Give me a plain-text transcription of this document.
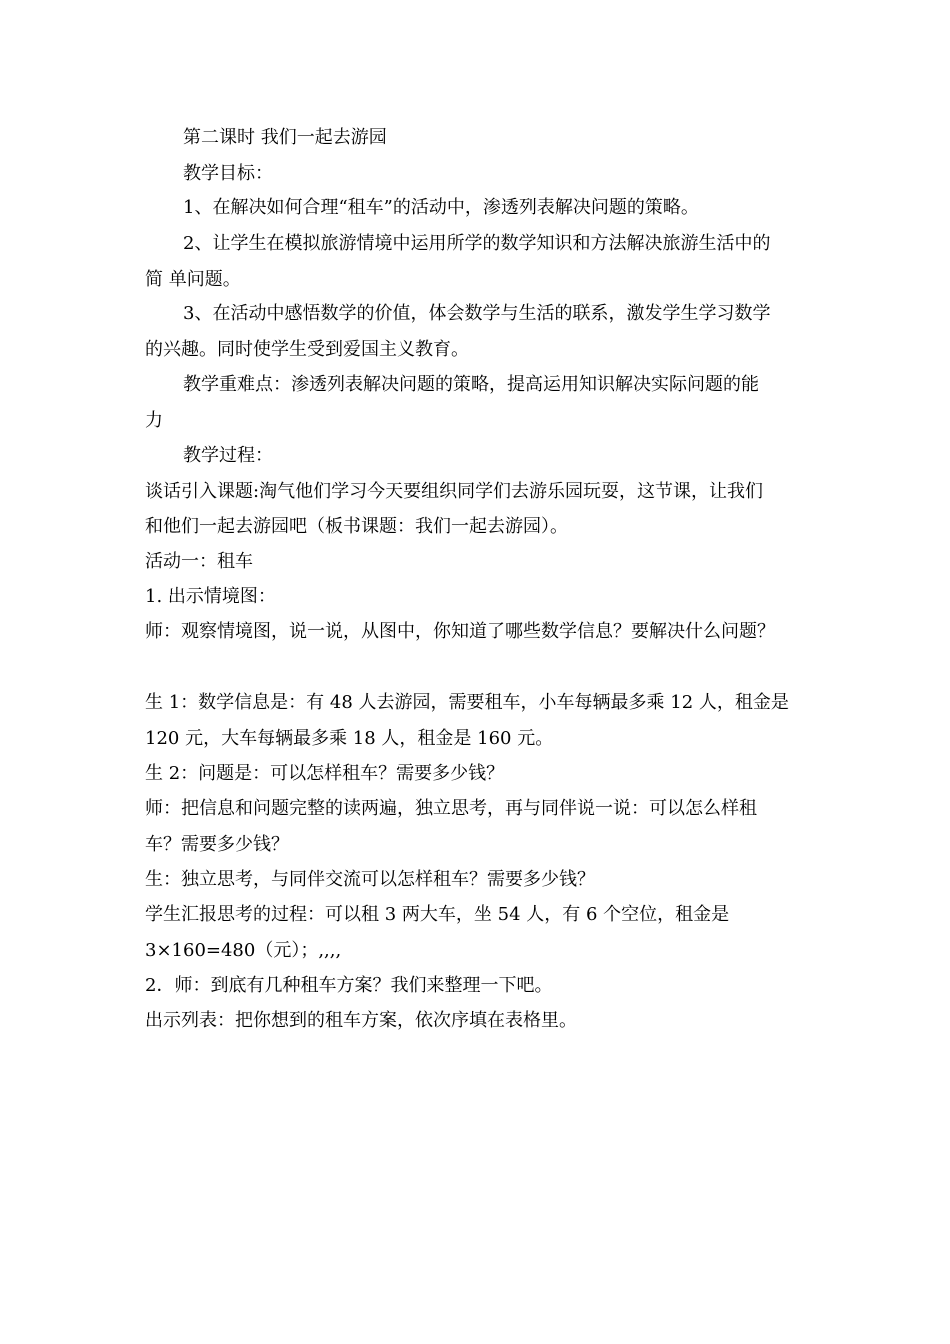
第二课时 我们一起去游园
教学目标：
1、在解决如何合理“租车”的活动中，渗透列表解决问题的策略。
2、让学生在模拟旅游情境中运用所学的数学知识和方法解决旅游生活中的
简 单问题。
3、在活动中感悟数学的价值，体会数学与生活的联系，激发学生学习数学
的兴趣。同时使学生受到爱国主义教育。
教学重难点：渗透列表解决问题的策略，提高运用知识解决实际问题的能
力
教学过程：
谈话引入课题:淘气他们学习今天要组织同学们去游乐园玩耍，这节课，让我们
和他们一起去游园吧（板书课题：我们一起去游园）。
活动一：租车
1. 出示情境图：
师：观察情境图，说一说，从图中，你知道了哪些数学信息？要解决什么问题？
生 1：数学信息是：有 48 人去游园，需要租车，小车每辆最多乘 12 人，租金是
120 元，大车每辆最多乘 18 人，租金是 160 元。
生 2：问题是：可以怎样租车？需要多少钱？
师：把信息和问题完整的读两遍，独立思考，再与同伴说一说：可以怎么样租
车？需要多少钱？
生：独立思考，与同伴交流可以怎样租车？需要多少钱？
学生汇报思考的过程：可以租 3 两大车，坐 54 人，有 6 个空位，租金是
3×160=480（元）；,,,,
2．师：到底有几种租车方案？我们来整理一下吧。
出示列表：把你想到的租车方案，依次序填在表格里。
